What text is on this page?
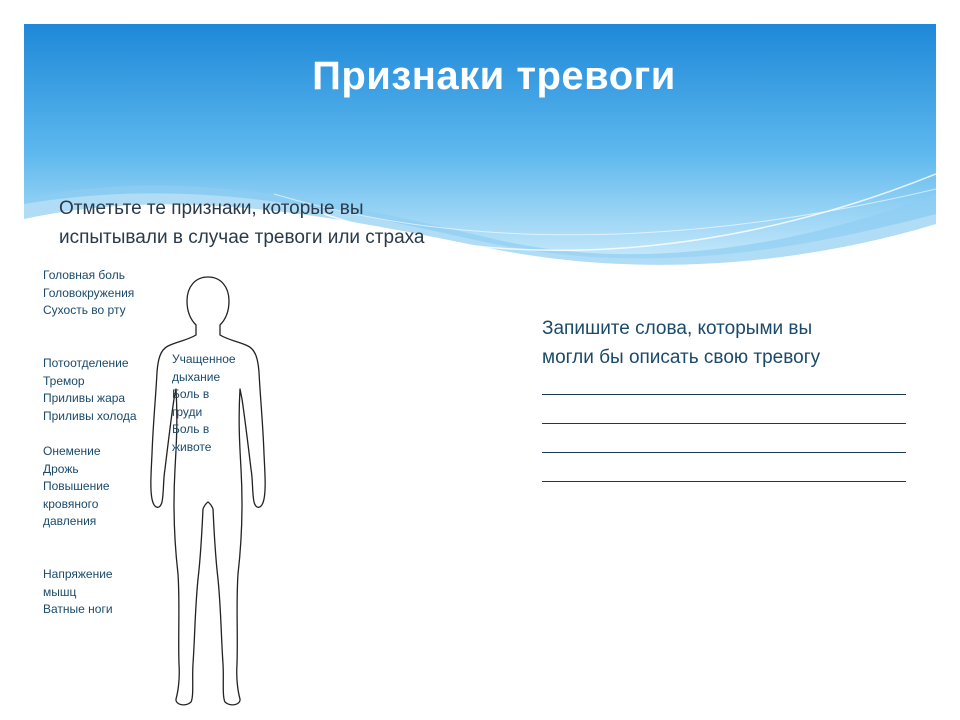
Признаки тревоги
Отметьте те признаки, которые вы
испытывали в случае тревоги или страха
Головная боль
Головокружения
Сухость во рту
Потоотделение
Тремор
Приливы жара
Приливы холода
Онемение
Дрожь
Повышение
кровяного
давления
Напряжение
мышц
Ватные ноги
Учащенное
дыхание
Боль в
груди
Боль в
животе
Запишите слова, которыми вы
могли бы описать свою тревогу
